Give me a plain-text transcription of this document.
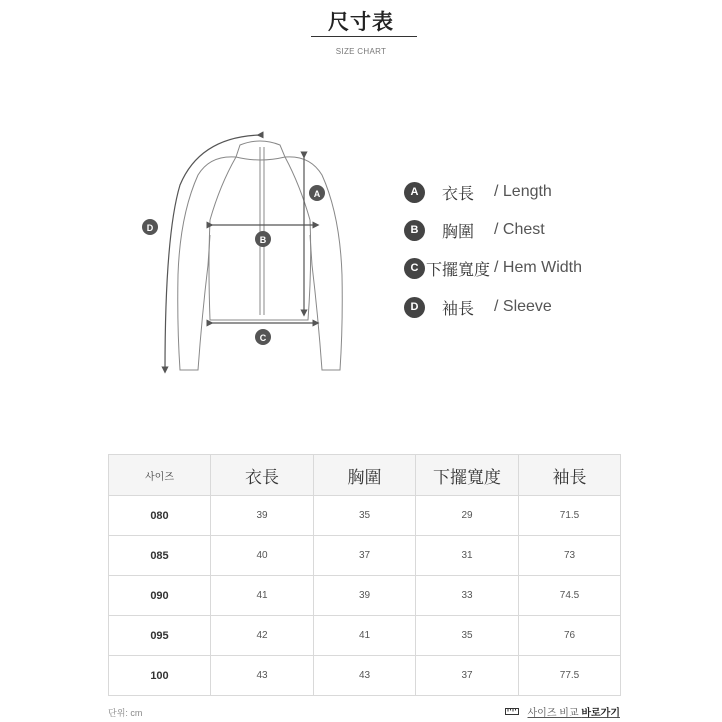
尺寸表
SIZE CHART
A
B
C
D
A	衣長 / Length
B	胸圍 / Chest
C 下擺寬度 / Hem Width
D	袖長 / Sleeve
사이즈	衣長	胸圍	下擺寬度	袖長
080	39	35	29	71.5
085	40	37	31	73
090	41	39	33	74.5
095	42	41	35	76
100	43	43	37	77.5
단위: cm	사이즈 비교 바로가기
